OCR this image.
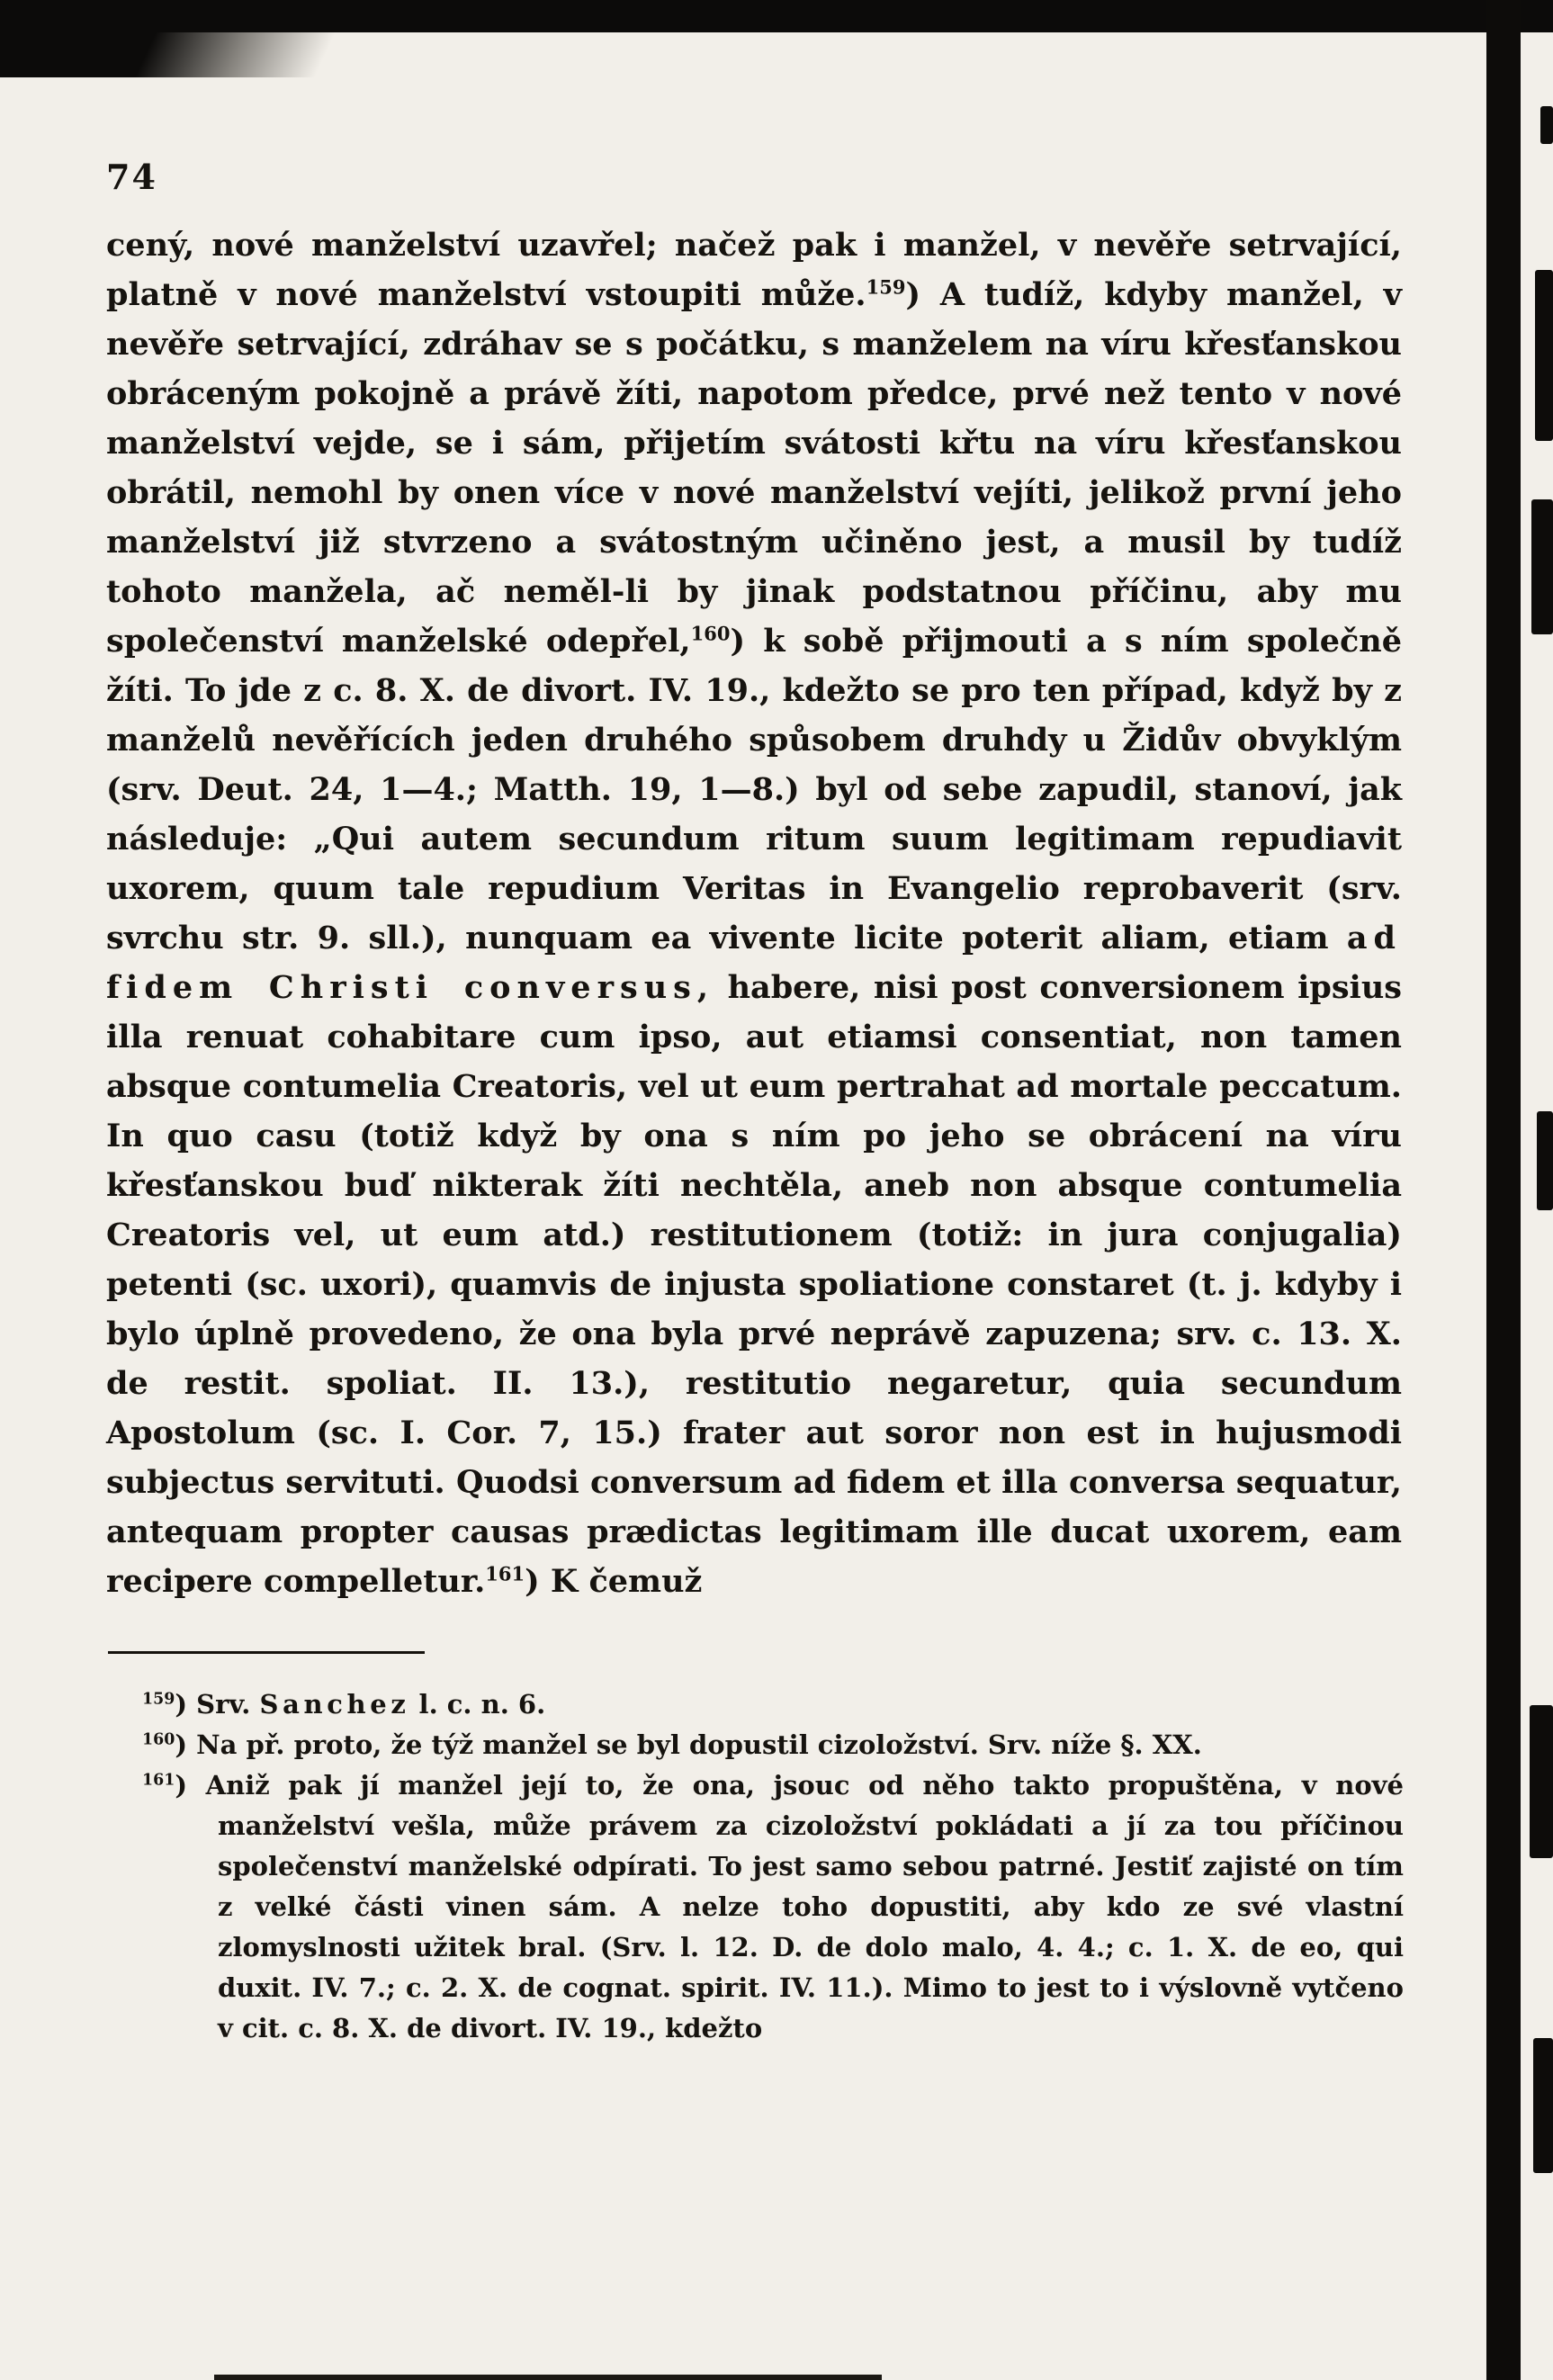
74

cený, nové manželství uzavřel; načež pak i manžel, v nevěře setrvající, platně v nové manželství vstoupiti může.$^{159}$) A tudíž, kdyby manžel, v nevěře setrvající, zdráhav se s počátku, s manželem na víru křesťanskou obráceným pokojně a právě žíti, napotom předce, prvé než tento v nové manželství vejde, se i sám, přijetím svátosti křtu na víru křesťanskou obrátil, nemohl by onen více v nové manželství vejíti, jelikož první jeho manželství již stvrzeno a svátostným učiněno jest, a musil by tudíž tohoto manžela, ač neměl-li by jinak podstatnou příčinu, aby mu společenství manželské odepřel,$^{160}$) k sobě přijmouti a s ním společně žíti. To jde z c. 8. X. de divort. IV. 19., kdežto se pro ten případ, když by z manželů nevěřících jeden druhého spůsobem druhdy u Židův obvyklým (srv. Deut. 24, 1—4.; Matth. 19, 1—8.) byl od sebe zapudil, stanoví, jak následuje: „Qui autem secundum ritum suum legitimam repudiavit uxorem, quum tale repudium Veritas in Evangelio reprobaverit (srv. svrchu str. 9. sll.), nunquam ea vivente licite poterit aliam, etiam ad fidem Christi conversus, habere, nisi post conversionem ipsius illa renuat cohabitare cum ipso, aut etiamsi consentiat, non tamen absque contumelia Creatoris, vel ut eum pertrahat ad mortale peccatum. In quo casu (totiž když by ona s ním po jeho se obrácení na víru křesťanskou buď nikterak žíti nechtěla, aneb non absque contumelia Creatoris vel, ut eum atd.) restitutionem (totiž: in jura conjugalia) petenti (sc. uxori), quamvis de injusta spoliatione constaret (t. j. kdyby i bylo úplně provedeno, že ona byla prvé neprávě zapuzena; srv. c. 13. X. de restit. spoliat. II. 13.), restitutio negaretur, quia secundum Apostolum (sc. I. Cor. 7, 15.) frater aut soror non est in hujusmodi subjectus servituti. Quodsi conversum ad fidem et illa conversa sequatur, antequam propter causas prædictas legitimam ille ducat uxorem, eam recipere compelletur.$^{161}$) K čemuž

$^{159}$) Srv. Sanchez l. c. n. 6.
$^{160}$) Na př. proto, že týž manžel se byl dopustil cizoložství. Srv. níže §. XX.
$^{161}$) Aniž pak jí manžel její to, že ona, jsouc od něho takto propuštěna, v nové manželství vešla, může právem za cizoložství pokládati a jí za tou příčinou společenství manželské odpírati. To jest samo sebou patrné. Jestiť zajisté on tím z velké části vinen sám. A nelze toho dopustiti, aby kdo ze své vlastní zlomyslnosti užitek bral. (Srv. l. 12. D. de dolo malo, 4. 4.; c. 1. X. de eo, qui duxit. IV. 7.; c. 2. X. de cognat. spirit. IV. 11.). Mimo to jest to i výslovně vytčeno v cit. c. 8. X. de divort. IV. 19., kdežto
